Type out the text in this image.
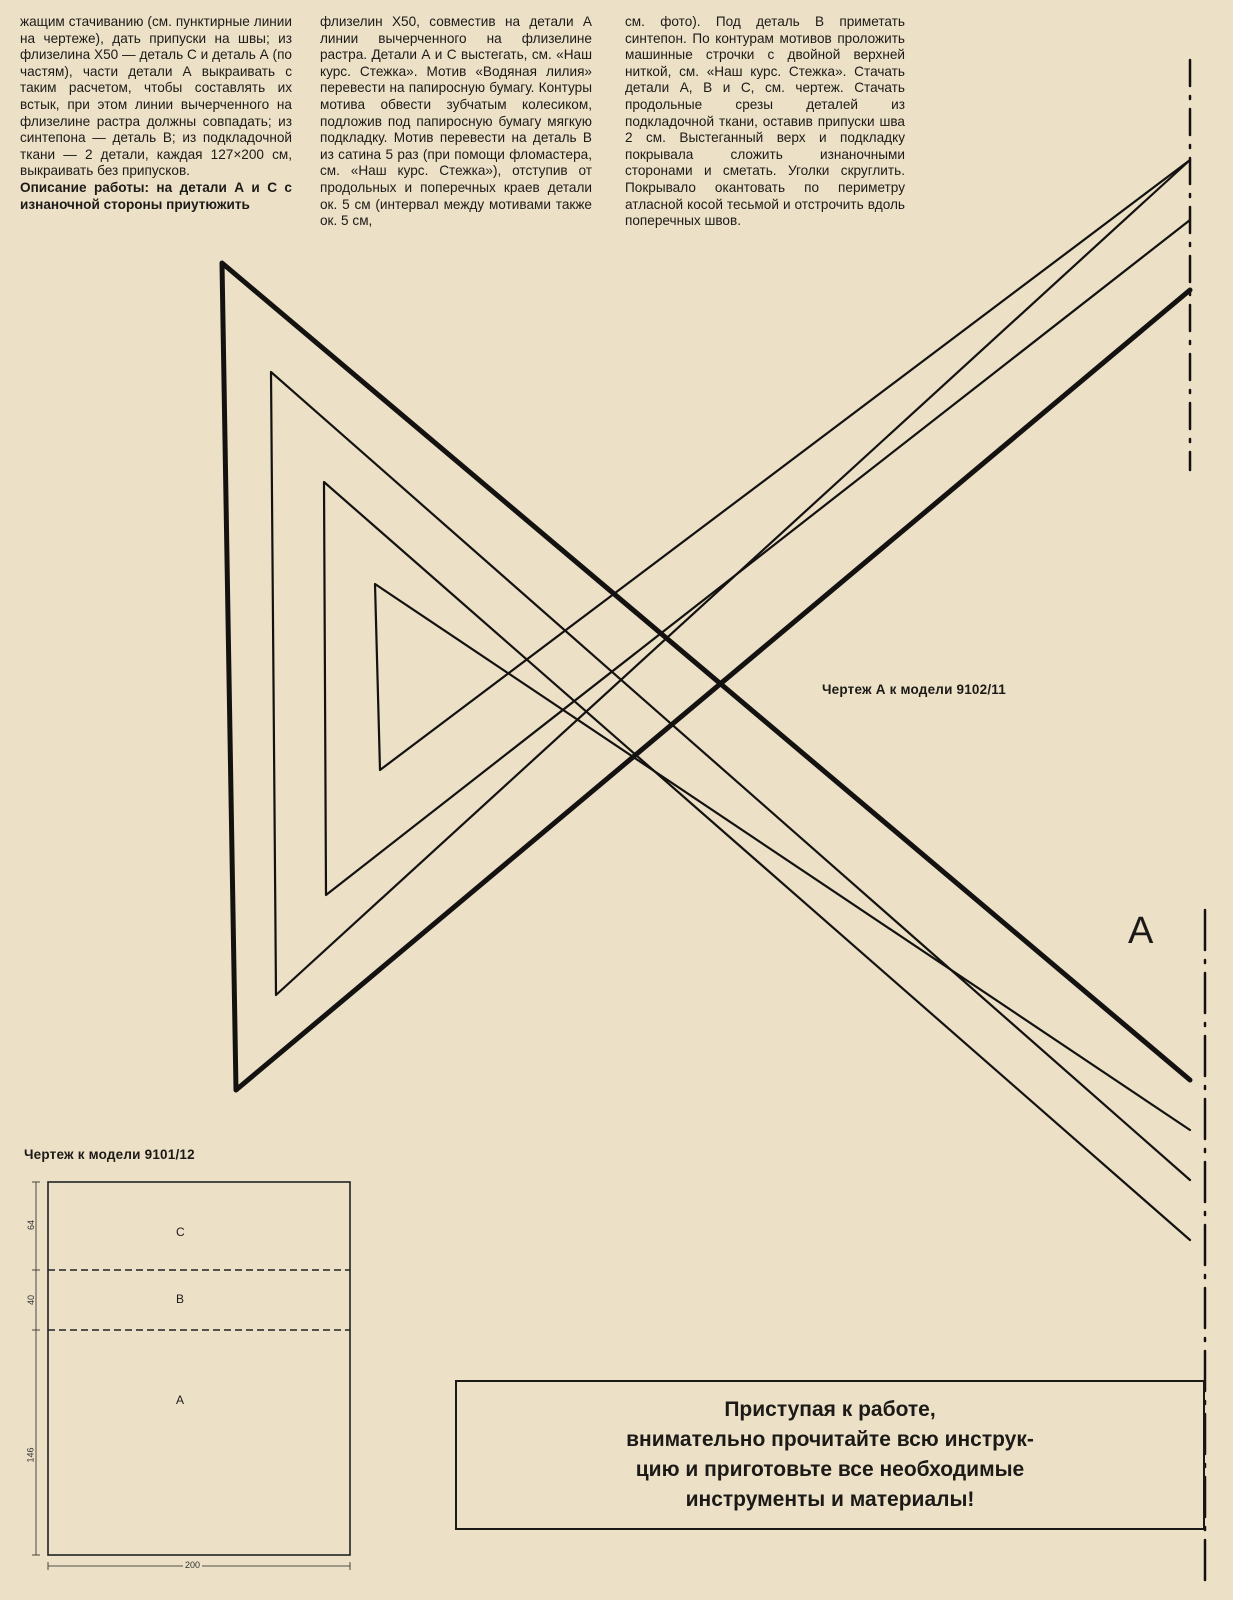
жащим стачиванию (см. пунктирные линии на чертеже), дать припуски на швы; из флизелина Х50 — деталь С и деталь А (по частям), части детали А выкраивать с таким расчетом, чтобы составлять их встык, при этом линии вычерченного на флизелине растра должны совпадать; из синтепона — деталь В; из подкладочной ткани — 2 детали, каждая 127×200 см, выкраивать без припусков.

Описание работы: на детали А и С с изнаночной стороны приутюжить

флизелин Х50, совместив на детали А линии вычерченного на флизелине растра. Детали А и С выстегать, см. «Наш курс. Стежка». Мотив «Водяная лилия» перевести на папиросную бумагу. Контуры мотива обвести зубчатым колесиком, подложив под папиросную бумагу мягкую подкладку. Мотив перевести на деталь В из сатина 5 раз (при помощи фломастера, см. «Наш курс. Стежка»), отступив от продольных и поперечных краев детали ок. 5 см (интервал между мотивами также ок. 5 см,

см. фото). Под деталь В приметать синтепон. По контурам мотивов проложить машинные строчки с двойной верхней ниткой, см. «Наш курс. Стежка». Стачать детали А, В и С, см. чертеж. Стачать продольные срезы деталей из подкладочной ткани, оставив припуски шва 2 см. Выстеганный верх и подкладку покрывала сложить изнаночными сторонами и сметать. Уголки скруглить. Покрывало окантовать по периметру атласной косой тесьмой и отстрочить вдоль поперечных швов.

Чертеж А к модели 9102/11
A
Чертеж к модели 9101/12
C
B
A
64
40
146
200
Приступая к работе,
внимательно прочитайте всю инструк-
цию и приготовьте все необходимые
инструменты и материалы!
